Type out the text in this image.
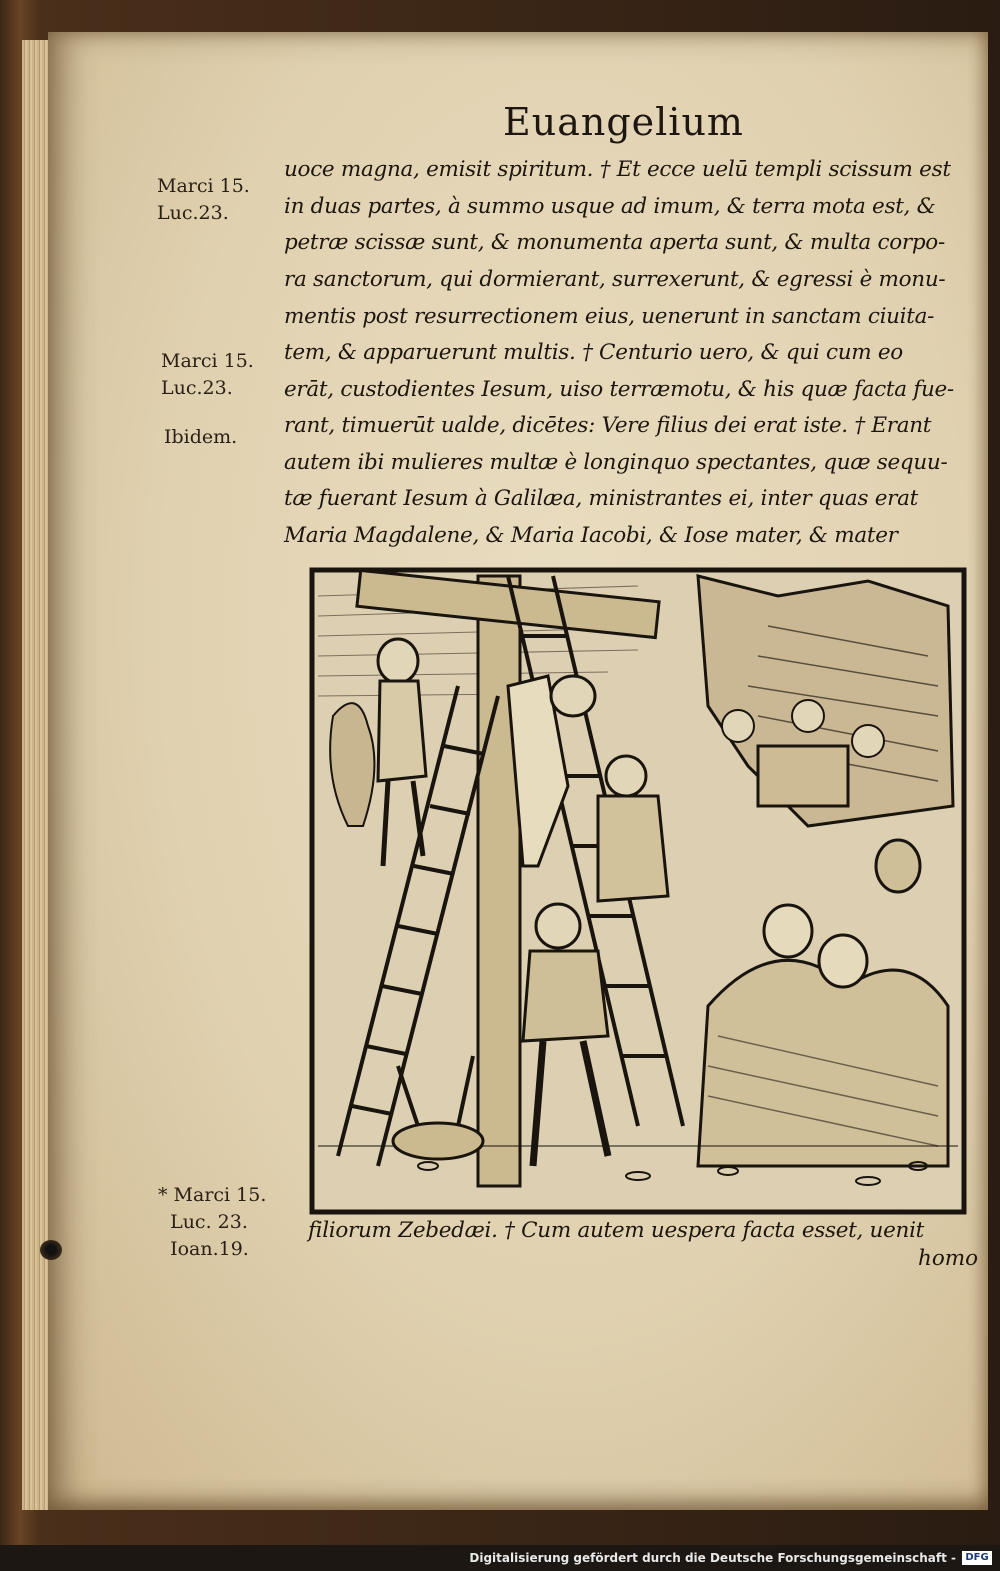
Euangelium
Marci 15.
Luc.23.
Marci 15.
Luc.23.
Ibidem.
* Marci 15.
Luc. 23.
Ioan.19.
uoce magna, emisit spiritum. † Et ecce uelū templi scissum est
in duas partes, à summo usque ad imum, & terra mota est, &
petræ scissæ sunt, & monumenta aperta sunt, & multa corpo-
ra sanctorum, qui dormierant, surrexerunt, & egressi è monu-
mentis post resurrectionem eius, uenerunt in sanctam ciuita-
tem, & apparuerunt multis. † Centurio uero, & qui cum eo
erāt, custodientes Iesum, uiso terræmotu, & his quæ facta fue-
rant, timuerūt ualde, dicētes: Vere filius dei erat iste. † Erant
autem ibi mulieres multæ è longinquo spectantes, quæ sequu-
tæ fuerant Iesum à Galilæa, ministrantes ei, inter quas erat
Maria Magdalene, & Maria Iacobi, & Iose mater, & mater
filiorum Zebedæi. † Cum autem uespera facta esset, uenit
homo
Digitalisierung gefördert durch die Deutsche Forschungsgemeinschaft - DFG
